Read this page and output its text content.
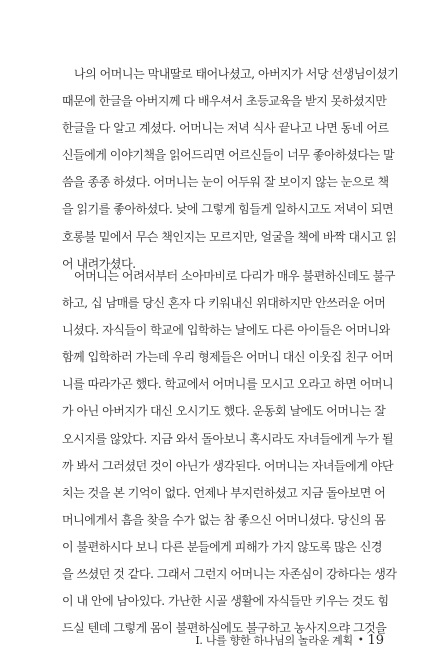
나의 어머니는 막내딸로 태어나셨고, 아버지가 서당 선생님이셨기
때문에 한글을 아버지께 다 배우셔서 초등교육을 받지 못하셨지만
한글을 다 알고 계셨다. 어머니는 저녁 식사 끝나고 나면 동네 어르
신들에게 이야기책을 읽어드리면 어르신들이 너무 좋아하셨다는 말
씀을 종종 하셨다. 어머니는 눈이 어두워 잘 보이지 않는 눈으로 책
을 읽기를 좋아하셨다. 낮에 그렇게 힘들게 일하시고도 저녁이 되면
호롱불 밑에서 무슨 책인지는 모르지만, 얼굴을 책에 바짝 대시고 읽
어 내려가셨다.
어머니는 어려서부터 소아마비로 다리가 매우 불편하신데도 불구
하고, 십 남매를 당신 혼자 다 키워내신 위대하지만 안쓰러운 어머
니셨다. 자식들이 학교에 입학하는 날에도 다른 아이들은 어머니와
함께 입학하러 가는데 우리 형제들은 어머니 대신 이웃집 친구 어머
니를 따라가곤 했다. 학교에서 어머니를 모시고 오라고 하면 어머니
가 아닌 아버지가 대신 오시기도 했다. 운동회 날에도 어머니는 잘
오시지를 않았다. 지금 와서 돌아보니 혹시라도 자녀들에게 누가 될
까 봐서 그러셨던 것이 아닌가 생각된다. 어머니는 자녀들에게 야단
치는 것을 본 기억이 없다. 언제나 부지런하셨고 지금 돌아보면 어
머니에게서 흠을 찾을 수가 없는 참 좋으신 어머니셨다. 당신의 몸
이 불편하시다 보니 다른 분들에게 피해가 가지 않도록 많은 신경
을 쓰셨던 것 같다. 그래서 그런지 어머니는 자존심이 강하다는 생각
이 내 안에 남아있다. 가난한 시골 생활에 자식들만 키우는 것도 힘
드실 텐데 그렇게 몸이 불편하심에도 불구하고 농사지으랴 그것을
I. 나를 향한 하나님의 놀라운 계획 • 19
